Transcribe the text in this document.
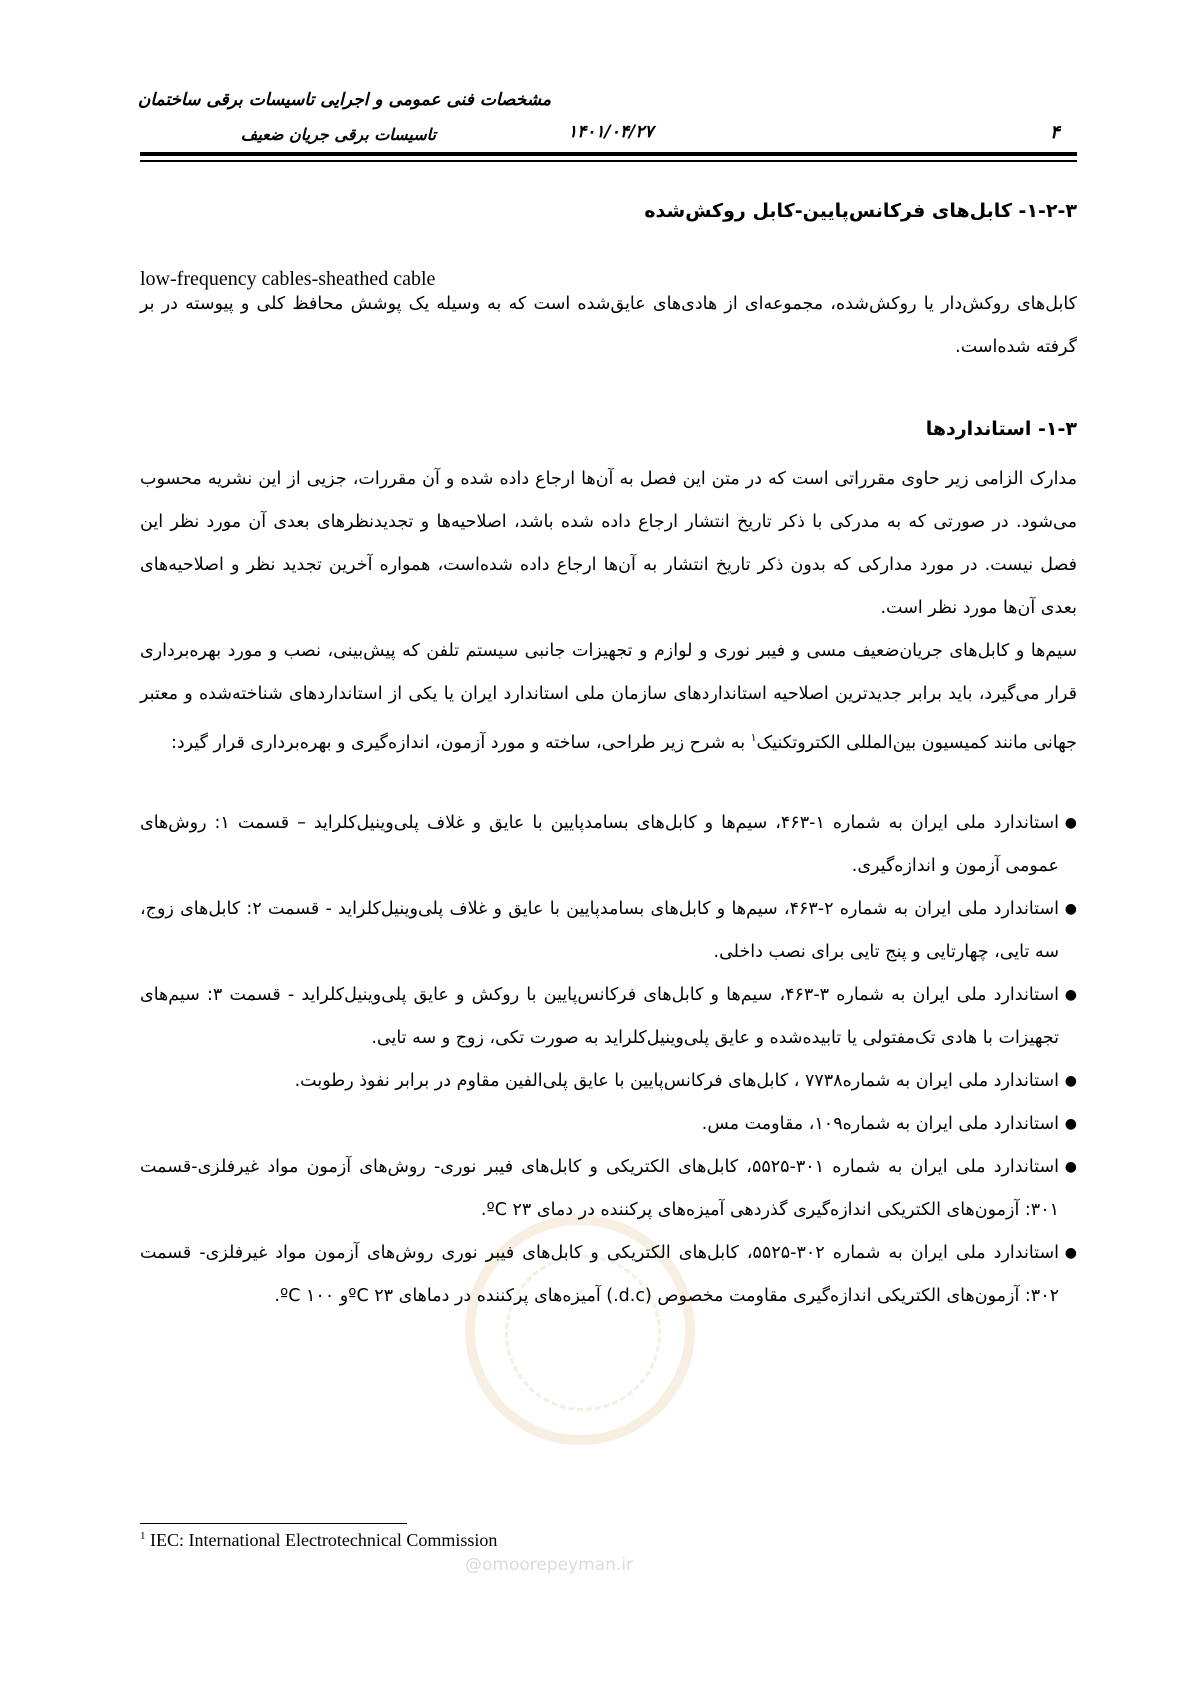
مشخصات فنی عمومی و اجرایی تاسیسات برقی ساختمان
تاسیسات برقی جریان ضعیف	۱۴۰۱/۰۴/۲۷	۴
@omoorepeyman.ir
۱-۲-۳- کابل‌های فرکانس‌پایین-کابل روکش‌شده
low-frequency cables-sheathed cable

کابل‌های روکش‌دار یا روکش‌شده، مجموعه‌ای از هادی‌های عایق‌شده است که به وسیله یک پوشش محافظ کلی و پیوسته در بر گرفته شده‌است.

۱-۳- استانداردها

مدارک الزامی زیر حاوی مقرراتی است که در متن این فصل به آن‌ها ارجاع داده شده و آن مقررات، جزیی از این نشریه محسوب می‌شود. در صورتی که به مدرکی با ذکر تاریخ انتشار ارجاع داده شده باشد، اصلاحیه‌ها و تجدیدنظرهای بعدی آن مورد نظر این فصل نیست. در مورد مدارکی که بدون ذکر تاریخ انتشار به آن‌ها ارجاع داده شده‌است، همواره آخرین تجدید نظر و اصلاحیه‌های بعدی آن‌ها مورد نظر است.

سیم‌ها و کابل‌های جریان‌ضعیف مسی و فیبر نوری و لوازم و تجهیزات جانبی سیستم تلفن که پیش‌بینی، نصب و مورد بهره‌برداری قرار می‌گیرد، باید برابر جدیدترین اصلاحیه استانداردهای سازمان ملی استاندارد ایران یا یکی از استانداردهای شناخته‌شده و معتبر جهانی مانند کمیسیون بین‌المللی الکتروتکنیک$^۱$ به شرح زیر طراحی، ساخته و مورد آزمون، اندازه‌گیری و بهره‌برداری قرار گیرد:

●
استاندارد ملی ایران به شماره ۱-۴۶۳، سیم‌ها و کابل‌های بسامدپایین با عایق و غلاف پلی‌وینیل‌کلراید – قسمت ۱: روش‌های عمومی آزمون و اندازه‌گیری.
●
استاندارد ملی ایران به شماره ۲-۴۶۳، سیم‌ها و کابل‌های بسامدپایین با عایق و غلاف پلی‌وینیل‌کلراید - قسمت ۲: کابل‌های زوج، سه تایی، چهارتایی و پنج تایی برای نصب داخلی.
●
استاندارد ملی ایران به شماره ۳-۴۶۳، سیم‌ها و کابل‌های فرکانس‌پایین با روکش و عایق پلی‌وینیل‌کلراید - قسمت ۳: سیم‌های تجهیزات با هادی تک‌مفتولی یا تابیده‌شده و عایق پلی‌وینیل‌کلراید به صورت تکی، زوج و سه تایی.
●
استاندارد ملی ایران به شماره۷۷۳۸ ، کابل‌های فرکانس‌پایین با عایق پلی‌الفین مقاوم در برابر نفوذ رطوبت.
●
استاندارد ملی ایران به شماره۱۰۹، مقاومت مس.
●
استاندارد ملی ایران به شماره ۳۰۱-۵۵۲۵، کابل‌های الکتریکی و کابل‌های فیبر نوری- روش‌های آزمون مواد غیرفلزی-قسمت ۳۰۱: آزمون‌های الکتریکی اندازه‌گیری گذردهی آمیزه‌های پرکننده در دمای ºC ۲۳.
●
استاندارد ملی ایران به شماره ۳۰۲-۵۵۲۵، کابل‌های الکتریکی و کابل‌های فیبر نوری روش‌های آزمون مواد غیرفلزی- قسمت ۳۰۲: آزمون‌های الکتریکی اندازه‌گیری مقاومت مخصوص (d.c.) آمیزه‌های پرکننده در دماهای ºC ۲۳و ºC ۱۰۰.
$^1$ IEC: International Electrotechnical Commission
